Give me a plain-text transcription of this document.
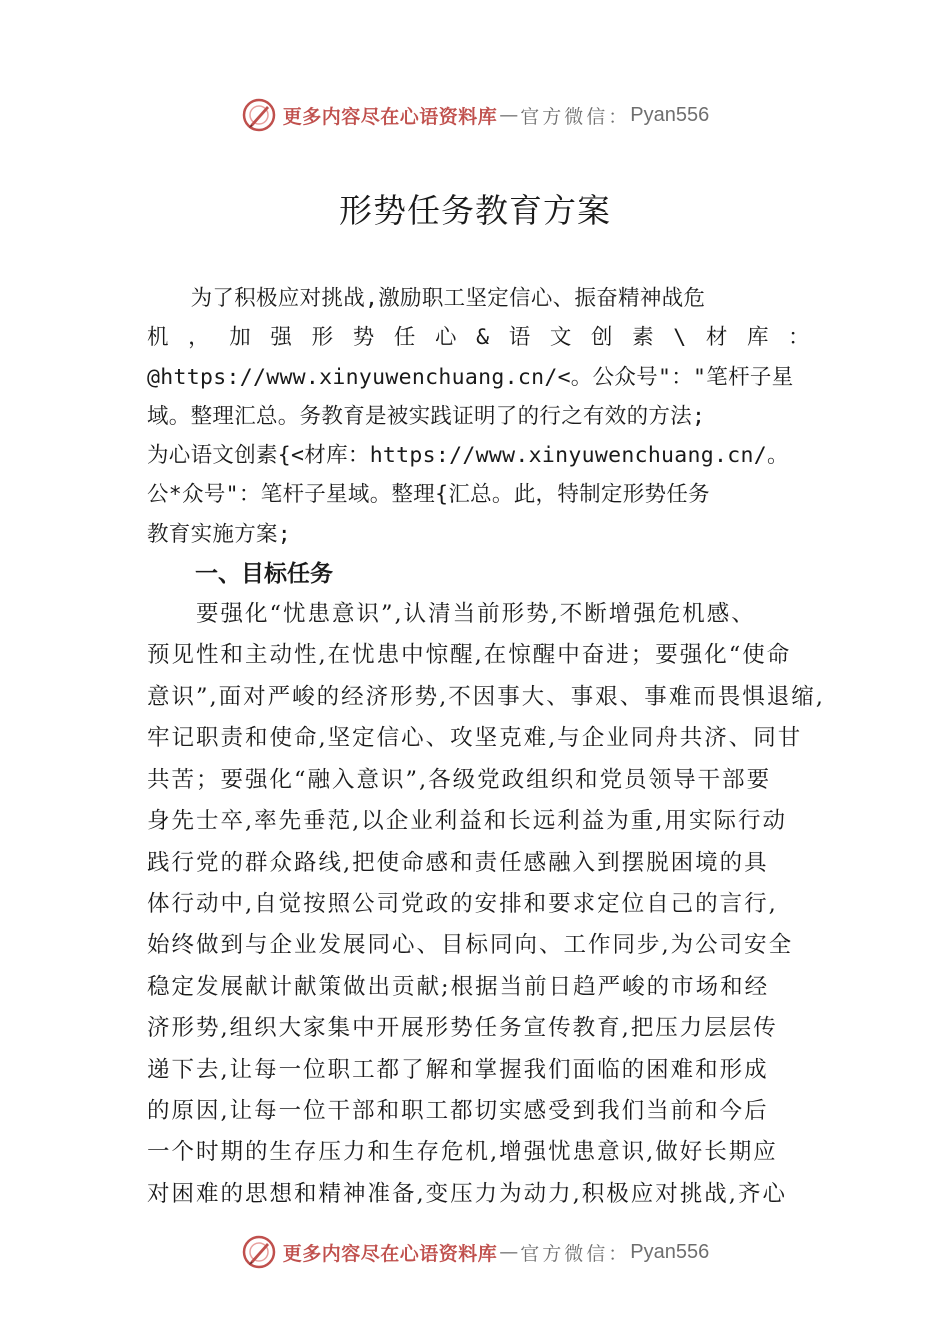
更多内容尽在心语资料库 — 官方微信： Pyan556
形势任务教育方案

　　为了积极应对挑战,激励职工坚定信心、振奋精神战危

机 ， 加 强 形 势 任 心 & 语 文 创 素 \ 材 库 ：

@https://www.xinyuwenchuang.cn/<。公众号"："笔杆子星

域。整理汇总。务教育是被实践证明了的行之有效的方法;

为心语文创素{<材库：https://www.xinyuwenchuang.cn/。

公*众号"：笔杆子星域。整理{汇总。此，特制定形势任务

教育实施方案;

一、目标任务

　　要强化“忧患意识”,认清当前形势,不断增强危机感、

预见性和主动性,在忧患中惊醒,在惊醒中奋进；要强化“使命

意识”,面对严峻的经济形势,不因事大、事艰、事难而畏惧退缩,

牢记职责和使命,坚定信心、攻坚克难,与企业同舟共济、同甘

共苦；要强化“融入意识”,各级党政组织和党员领导干部要

身先士卒,率先垂范,以企业利益和长远利益为重,用实际行动

践行党的群众路线,把使命感和责任感融入到摆脱困境的具

体行动中,自觉按照公司党政的安排和要求定位自己的言行,

始终做到与企业发展同心、目标同向、工作同步,为公司安全

稳定发展献计献策做出贡献;根据当前日趋严峻的市场和经

济形势,组织大家集中开展形势任务宣传教育,把压力层层传

递下去,让每一位职工都了解和掌握我们面临的困难和形成

的原因,让每一位干部和职工都切实感受到我们当前和今后

一个时期的生存压力和生存危机,增强忧患意识,做好长期应

对困难的思想和精神准备,变压力为动力,积极应对挑战,齐心

更多内容尽在心语资料库 — 官方微信： Pyan556
